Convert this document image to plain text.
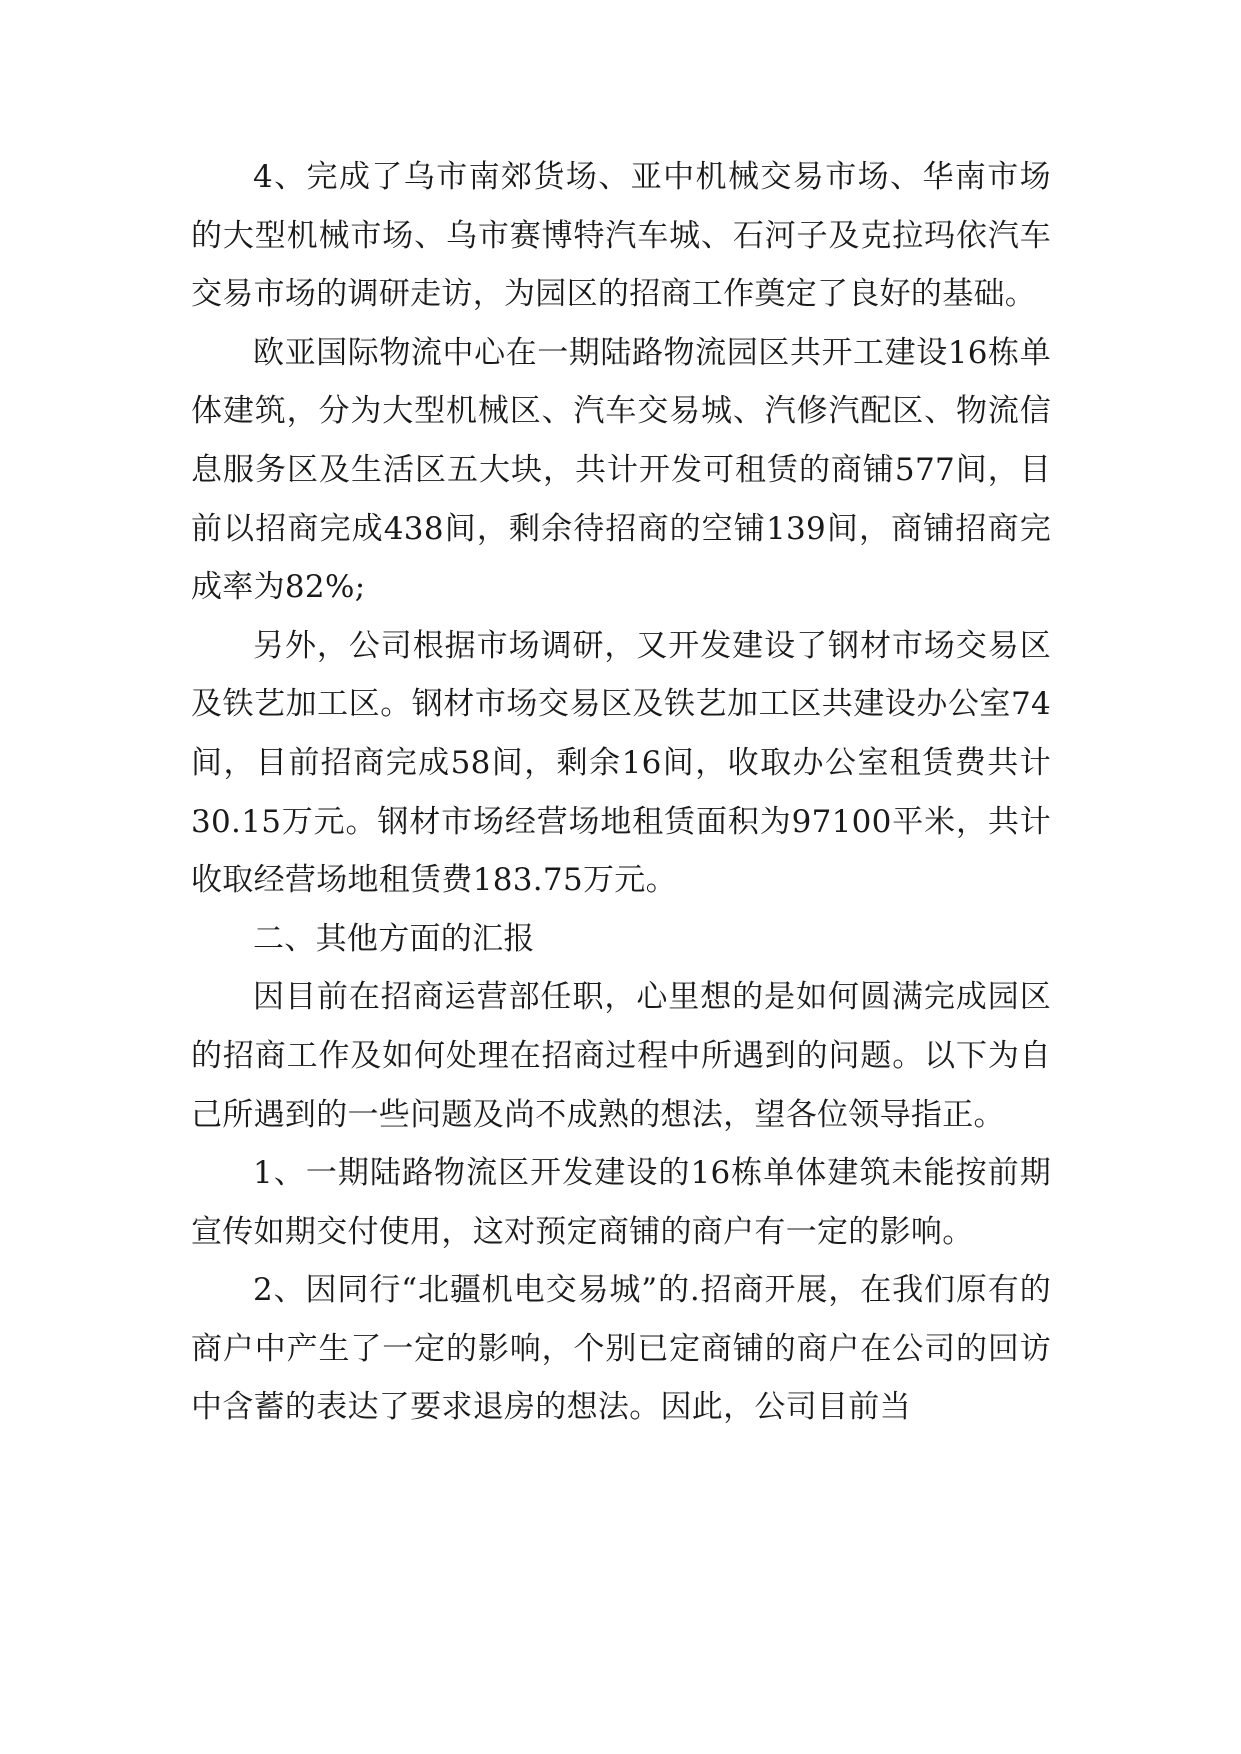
4、完成了乌市南郊货场、亚中机械交易市场、华南市场的大型机械市场、乌市赛博特汽车城、石河子及克拉玛依汽车交易市场的调研走访，为园区的招商工作奠定了良好的基础。

欧亚国际物流中心在一期陆路物流园区共开工建设16栋单体建筑，分为大型机械区、汽车交易城、汽修汽配区、物流信息服务区及生活区五大块，共计开发可租赁的商铺577间，目前以招商完成438间，剩余待招商的空铺139间，商铺招商完成率为82%;

另外，公司根据市场调研，又开发建设了钢材市场交易区及铁艺加工区。钢材市场交易区及铁艺加工区共建设办公室74间，目前招商完成58间，剩余16间，收取办公室租赁费共计30.15万元。钢材市场经营场地租赁面积为97100平米，共计收取经营场地租赁费183.75万元。

二、其他方面的汇报

因目前在招商运营部任职，心里想的是如何圆满完成园区的招商工作及如何处理在招商过程中所遇到的问题。以下为自己所遇到的一些问题及尚不成熟的想法，望各位领导指正。

1、一期陆路物流区开发建设的16栋单体建筑未能按前期宣传如期交付使用，这对预定商铺的商户有一定的影响。

2、因同行“北疆机电交易城”的.招商开展，在我们原有的商户中产生了一定的影响，个别已定商铺的商户在公司的回访中含蓄的表达了要求退房的想法。因此，公司目前当
